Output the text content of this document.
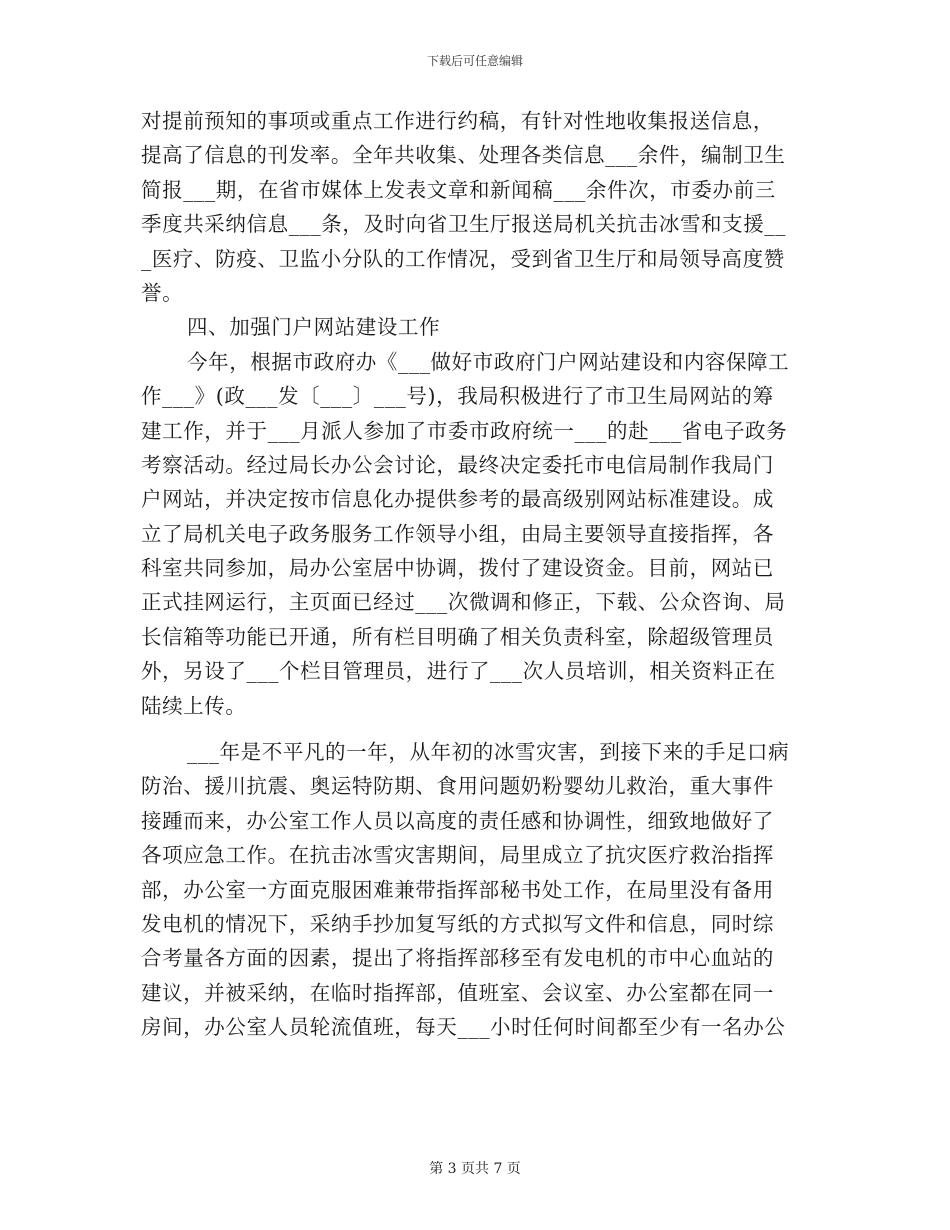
下载后可任意编辑
对提前预知的事项或重点工作进行约稿，有针对性地收集报送信息，
提高了信息的刊发率。全年共收集、处理各类信息___余件，编制卫生
简报___期，在省市媒体上发表文章和新闻稿___余件次，市委办前三
季度共采纳信息___条，及时向省卫生厅报送局机关抗击冰雪和支援__
_医疗、防疫、卫监小分队的工作情况，受到省卫生厅和局领导高度赞
誉。
四、加强门户网站建设工作
今年，根据市政府办《___做好市政府门户网站建设和内容保障工
作___》(政___发〔___〕___号)，我局积极进行了市卫生局网站的筹
建工作，并于___月派人参加了市委市政府统一___的赴___省电子政务
考察活动。经过局长办公会讨论，最终决定委托市电信局制作我局门
户网站，并决定按市信息化办提供参考的最高级别网站标准建设。成
立了局机关电子政务服务工作领导小组，由局主要领导直接指挥，各
科室共同参加，局办公室居中协调，拨付了建设资金。目前，网站已
正式挂网运行，主页面已经过___次微调和修正，下载、公众咨询、局
长信箱等功能已开通，所有栏目明确了相关负责科室，除超级管理员
外，另设了___个栏目管理员，进行了___次人员培训，相关资料正在
陆续上传。
___年是不平凡的一年，从年初的冰雪灾害，到接下来的手足口病
防治、援川抗震、奥运特防期、食用问题奶粉婴幼儿救治，重大事件
接踵而来，办公室工作人员以高度的责任感和协调性，细致地做好了
各项应急工作。在抗击冰雪灾害期间，局里成立了抗灾医疗救治指挥
部，办公室一方面克服困难兼带指挥部秘书处工作，在局里没有备用
发电机的情况下，采纳手抄加复写纸的方式拟写文件和信息，同时综
合考量各方面的因素，提出了将指挥部移至有发电机的市中心血站的
建议，并被采纳，在临时指挥部，值班室、会议室、办公室都在同一
房间，办公室人员轮流值班，每天___小时任何时间都至少有一名办公
第 3 页共 7 页
